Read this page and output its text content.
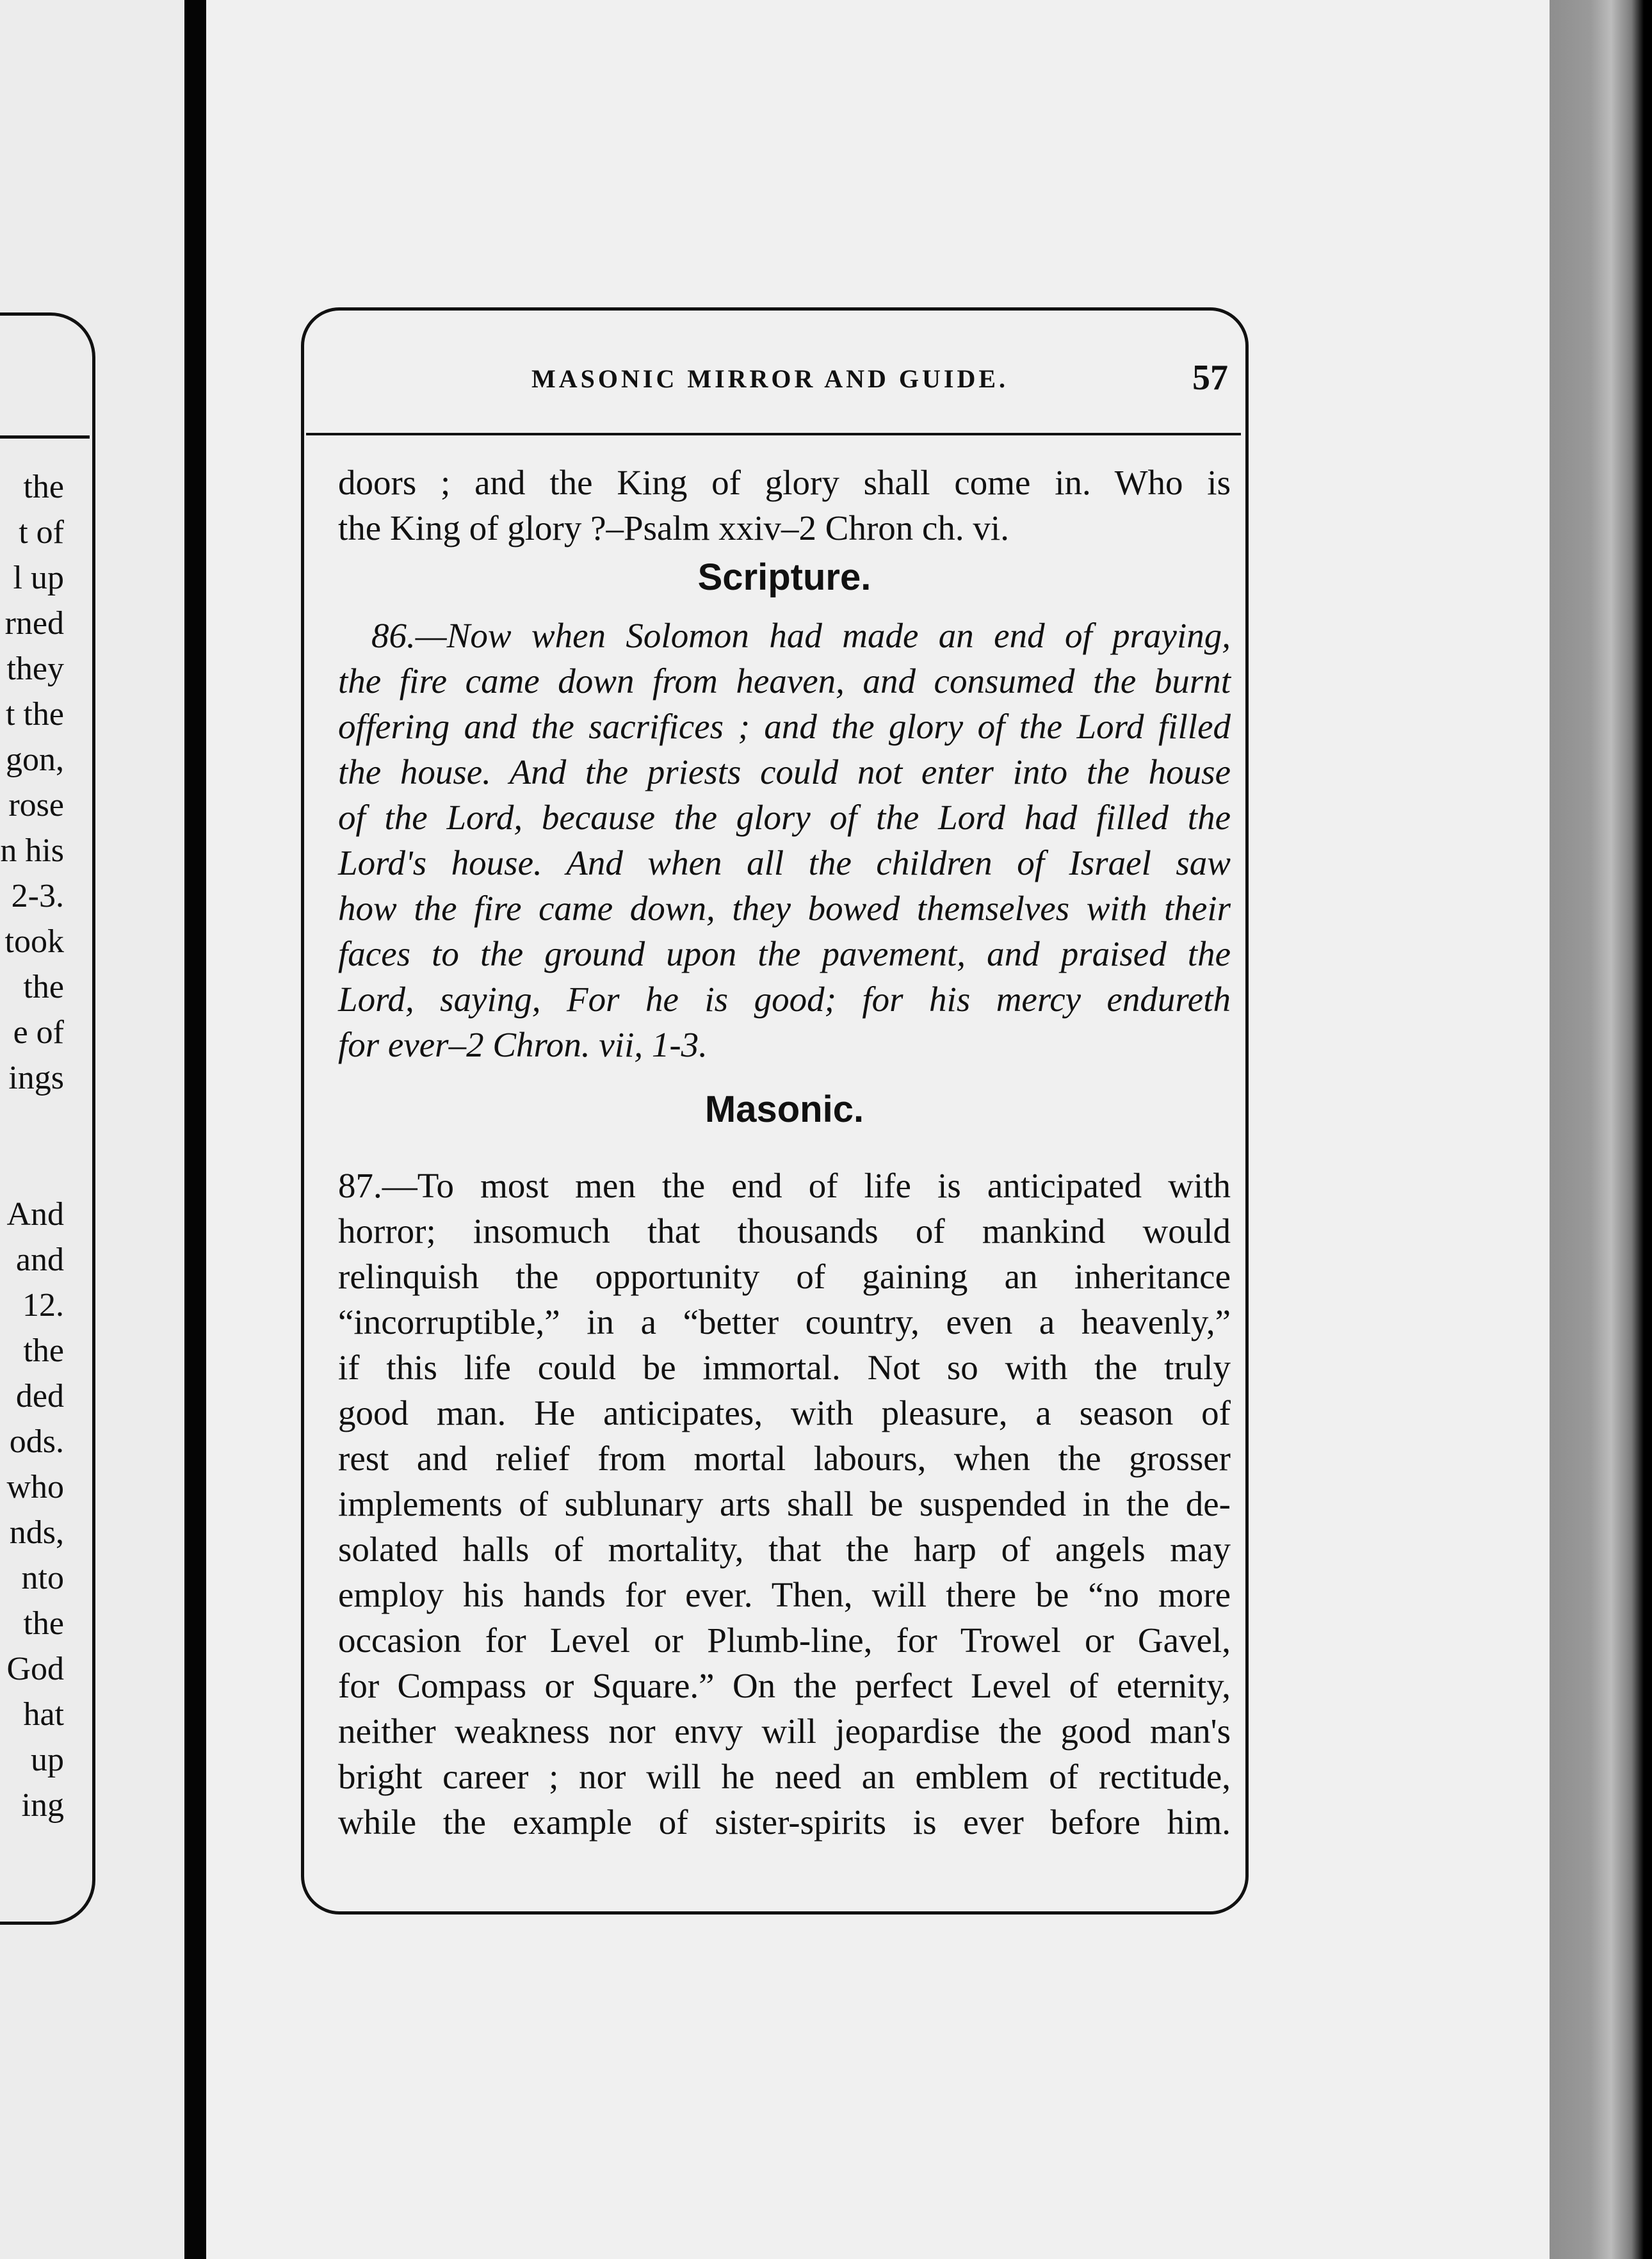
the
t of
l up
rned
they
t the
gon,
rose
n his
2-3.
took
the
e of
ings
And
and
12.
the
ded
ods.
who
nds,
nto
the
God
hat
up
ing
MASONIC MIRROR AND GUIDE.	57

doors ; and the King of glory shall come in. Who is

the King of glory ?–Psalm xxiv–2 Chron ch. vi.

Scripture.

86.—Now when Solomon had made an end of praying,

the fire came down from heaven, and consumed the burnt

offering and the sacrifices ; and the glory of the Lord filled

the house. And the priests could not enter into the house

of the Lord, because the glory of the Lord had filled the

Lord's house. And when all the children of Israel saw

how the fire came down, they bowed themselves with their

faces to the ground upon the pavement, and praised the

Lord, saying, For he is good; for his mercy endureth

for ever–2 Chron. vii, 1-3.

Masonic.

87.—To most men the end of life is anticipated with

horror; insomuch that thousands of mankind would

relinquish the opportunity of gaining an inheritance

“incorruptible,” in a “better country, even a heavenly,”

if this life could be immortal. Not so with the truly

good man. He anticipates, with pleasure, a season of

rest and relief from mortal labours, when the grosser

implements of sublunary arts shall be suspended in the de-

solated halls of mortality, that the harp of angels may

employ his hands for ever. Then, will there be “no more

occasion for Level or Plumb-line, for Trowel or Gavel,

for Compass or Square.” On the perfect Level of eternity,

neither weakness nor envy will jeopardise the good man's

bright career ; nor will he need an emblem of rectitude,

while the example of sister-spirits is ever before him.
